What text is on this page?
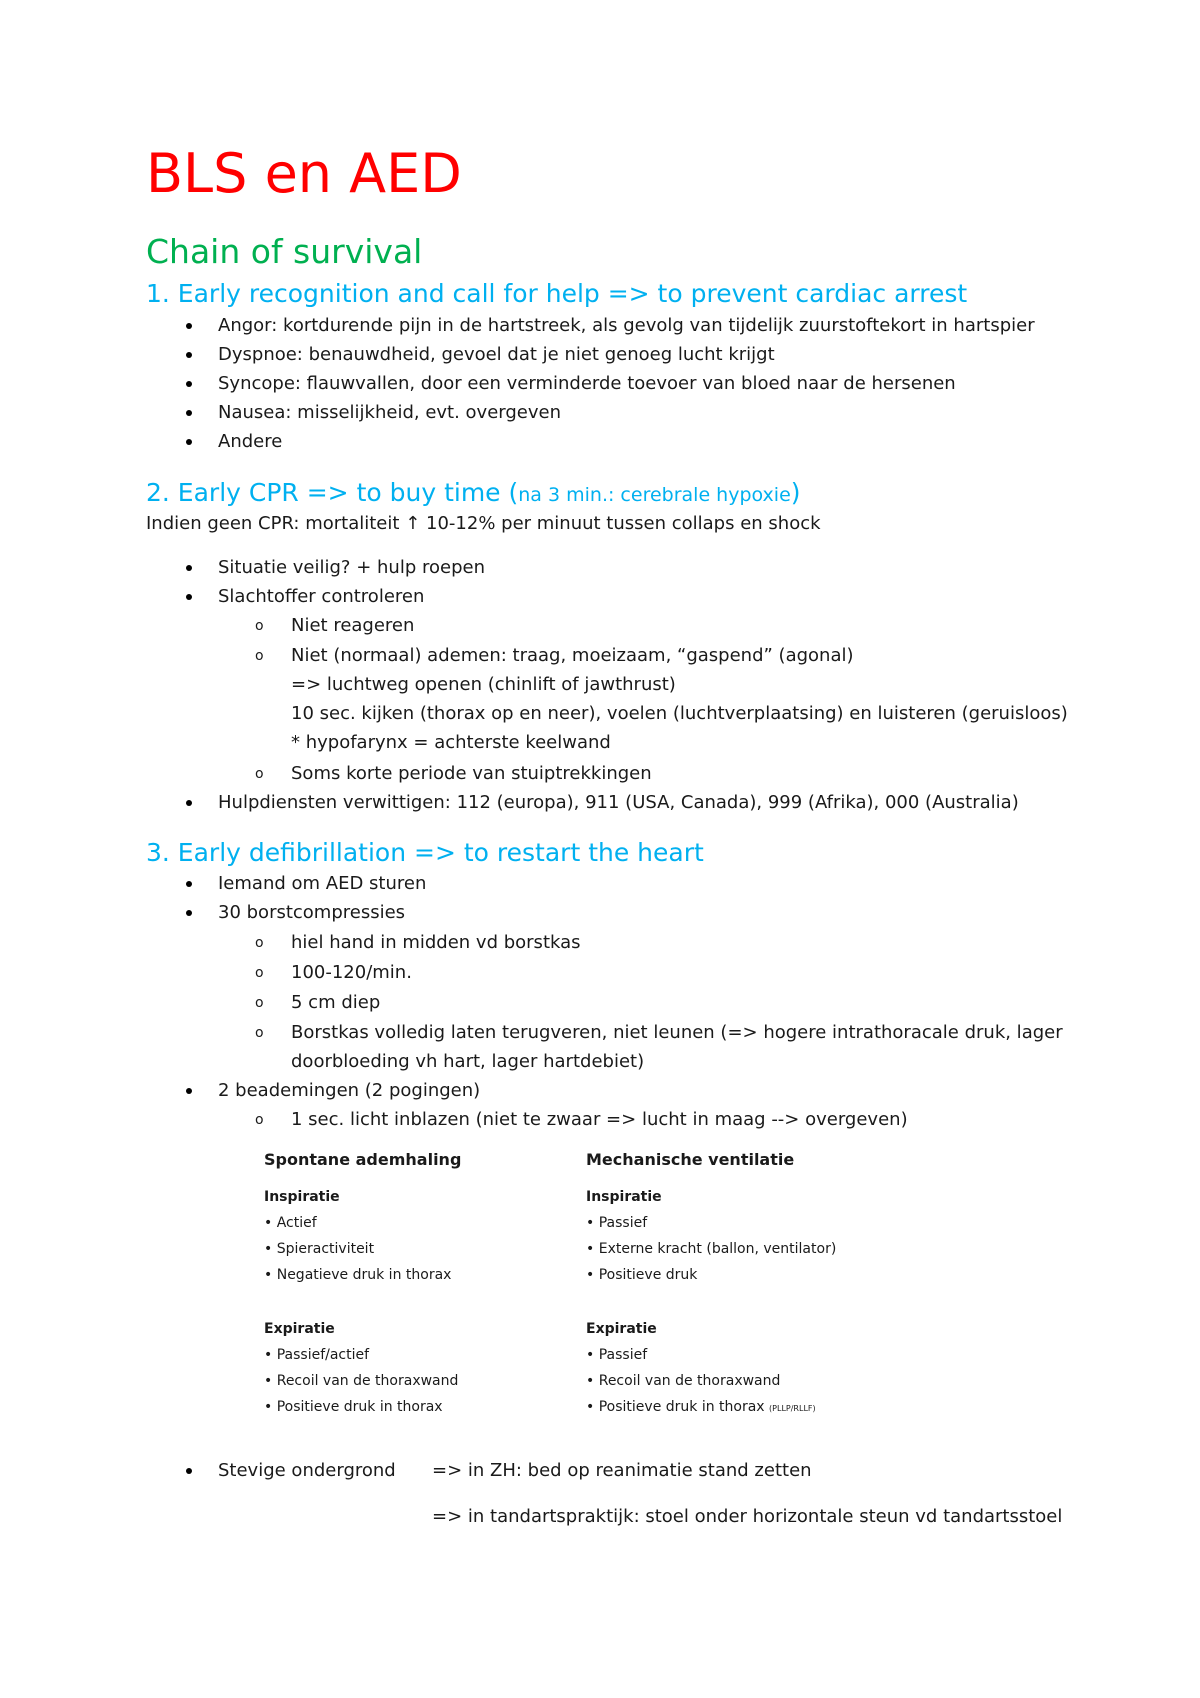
BLS en AED
Chain of survival
1. Early recognition and call for help => to prevent cardiac arrest
Angor: kortdurende pijn in de hartstreek, als gevolg van tijdelijk zuurstoftekort in hartspier
Dyspnoe: benauwdheid, gevoel dat je niet genoeg lucht krijgt
Syncope: flauwvallen, door een verminderde toevoer van bloed naar de hersenen
Nausea: misselijkheid, evt. overgeven
Andere
2. Early CPR => to buy time (na 3 min.: cerebrale hypoxie)
Indien geen CPR: mortaliteit ↑ 10-12% per minuut tussen collaps en shock
Situatie veilig? + hulp roepen
Slachtoffer controleren
o Niet reageren
o Niet (normaal) ademen: traag, moeizaam, “gaspend” (agonal)
=> luchtweg openen (chinlift of jawthrust)
10 sec. kijken (thorax op en neer), voelen (luchtverplaatsing) en luisteren (geruisloos)
* hypofarynx = achterste keelwand
o Soms korte periode van stuiptrekkingen
Hulpdiensten verwittigen: 112 (europa), 911 (USA, Canada), 999 (Afrika), 000 (Australia)
3. Early defibrillation => to restart the heart
Iemand om AED sturen
30 borstcompressies
o hiel hand in midden vd borstkas
o 100-120/min.
o 5 cm diep
o Borstkas volledig laten terugveren, niet leunen (=> hogere intrathoracale druk, lager
doorbloeding vh hart, lager hartdebiet)
2 beademingen (2 pogingen)
o 1 sec. licht inblazen (niet te zwaar => lucht in maag --> overgeven)
Spontane ademhaling
Inspiratie
• Actief
• Spieractiviteit
• Negatieve druk in thorax
Expiratie
• Passief/actief
• Recoil van de thoraxwand
• Positieve druk in thorax
Mechanische ventilatie
Inspiratie
• Passief
• Externe kracht (ballon, ventilator)
• Positieve druk
Expiratie
• Passief
• Recoil van de thoraxwand
• Positieve druk in thorax (PLLP/RLLF)
Stevige ondergrond => in ZH: bed op reanimatie stand zetten
=> in tandartspraktijk: stoel onder horizontale steun vd tandartsstoel
